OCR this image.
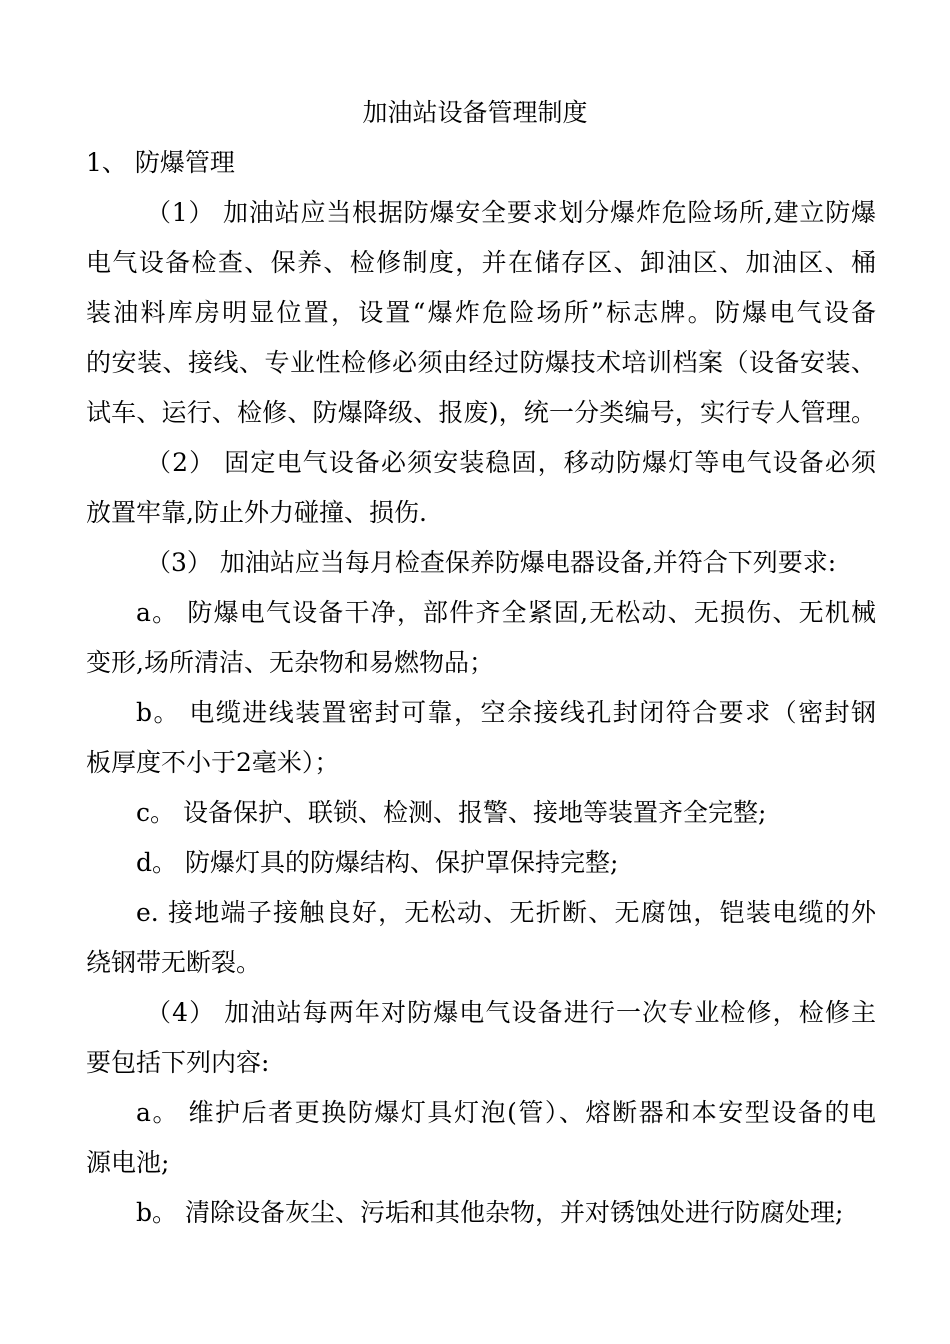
加油站设备管理制度
1、 防爆管理
（1） 加油站应当根据防爆安全要求划分爆炸危险场所,建立防爆
电气设备检查、保养、检修制度，并在储存区、卸油区、加油区、桶
装油料库房明显位置，设置“爆炸危险场所”标志牌。防爆电气设备
的安装、接线、专业性检修必须由经过防爆技术培训档案（设备安装、
试车、运行、检修、防爆降级、报废)，统一分类编号，实行专人管理。
（2） 固定电气设备必须安装稳固，移动防爆灯等电气设备必须
放置牢靠,防止外力碰撞、损伤.
（3） 加油站应当每月检查保养防爆电器设备,并符合下列要求:
a。 防爆电气设备干净，部件齐全紧固,无松动、无损伤、无机械
变形,场所清洁、无杂物和易燃物品；
b。 电缆进线装置密封可靠，空余接线孔封闭符合要求（密封钢
板厚度不小于2毫米）；
c。 设备保护、联锁、检测、报警、接地等装置齐全完整;
d。 防爆灯具的防爆结构、保护罩保持完整;
e. 接地端子接触良好，无松动、无折断、无腐蚀，铠装电缆的外
绕钢带无断裂。
（4） 加油站每两年对防爆电气设备进行一次专业检修，检修主
要包括下列内容:
a。 维护后者更换防爆灯具灯泡(管）、熔断器和本安型设备的电
源电池;
b。 清除设备灰尘、污垢和其他杂物，并对锈蚀处进行防腐处理;
